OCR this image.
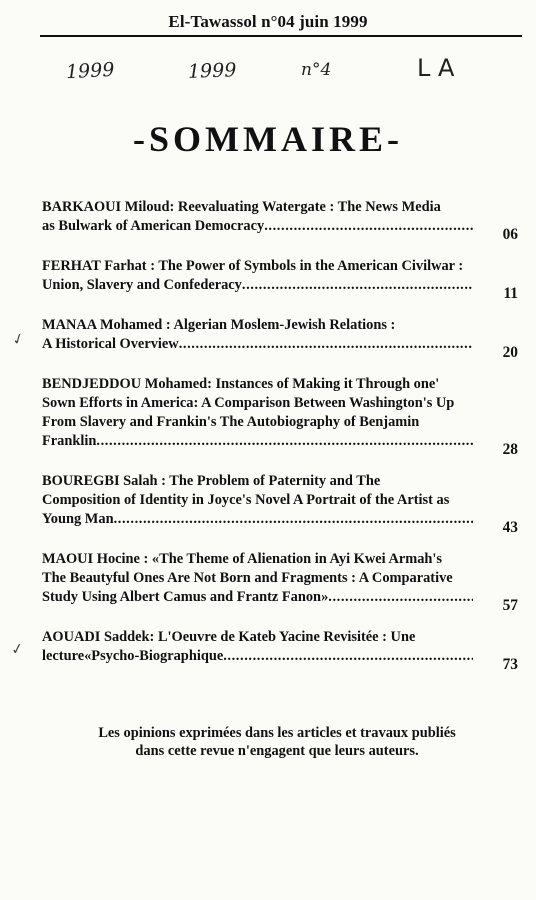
El-Tawassol n°04 juin 1999
1999	1999	n°4	L A
-SOMMAIRE-
✓
✓
BARKAOUI Miloud: Reevaluating Watergate : The News Media
as Bulwark of American Democracy .....	06
FERHAT Farhat : The Power of Symbols in the American Civilwar :
Union, Slavery and Confederacy .....	11
MANAA Mohamed : Algerian Moslem-Jewish Relations :
A Historical Overview .....	20
BENDJEDDOU Mohamed: Instances of Making it Through one'
Sown Efforts in America: A Comparison Between Washington's Up
From Slavery and Frankin's The Autobiography of Benjamin
Franklin .....	28
BOUREGBI Salah : The Problem of Paternity and The
Composition of Identity in Joyce's Novel A Portrait of the Artist as
Young Man .....	43
MAOUI Hocine : «The Theme of Alienation in Ayi Kwei Armah's
The Beautyful Ones Are Not Born and Fragments : A Comparative
Study Using Albert Camus and Frantz Fanon» .....	57
AOUADI Saddek: L'Oeuvre de Kateb Yacine Revisitée : Une
lecture«Psycho-Biographique .....	73
Les opinions exprimées dans les articles et travaux publiés
dans cette revue n'engagent que leurs auteurs.
